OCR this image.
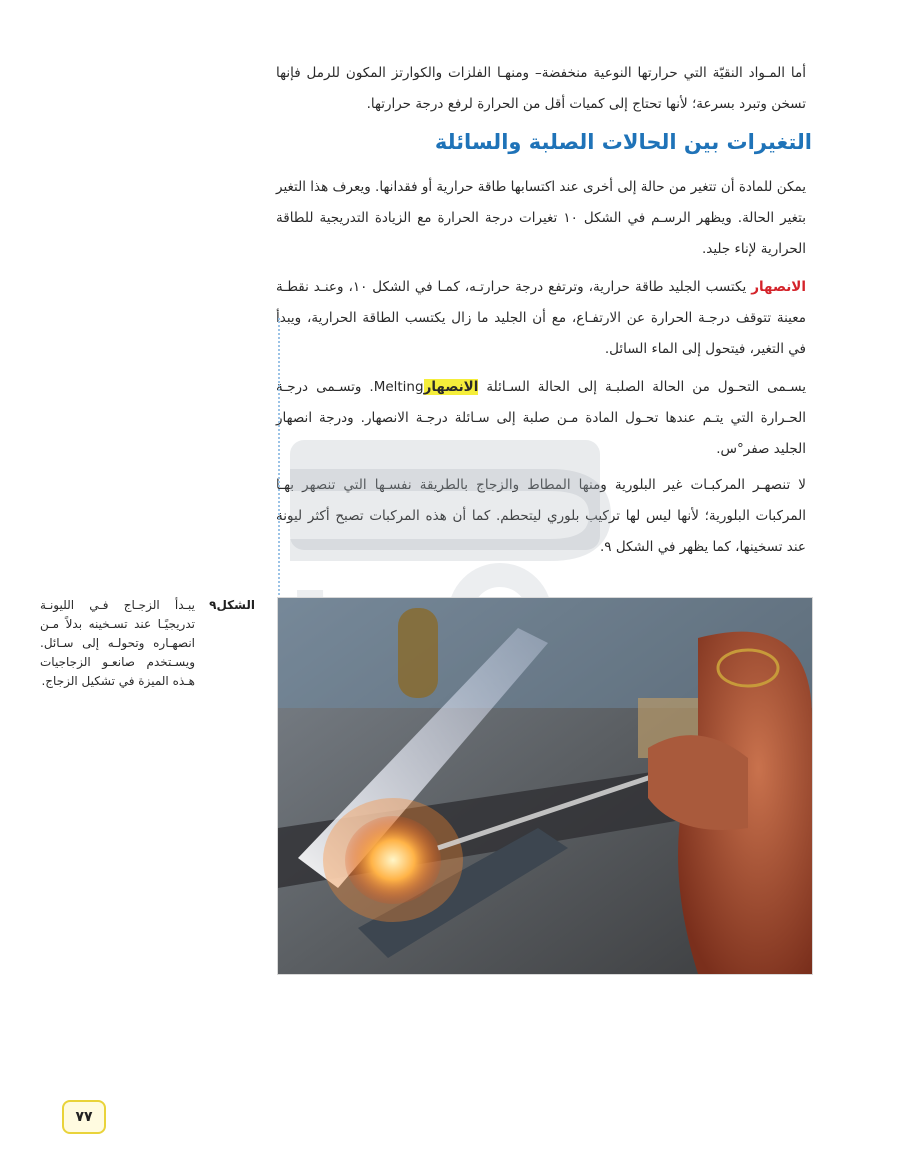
أما المـواد النقيّة التي حرارتها النوعية منخفضة– ومنهـا الفلزات والكوارتز المكون للرمل فإنها تسخن وتبرد بسرعة؛ لأنها تحتاج إلى كميات أقل من الحرارة لرفع درجة حرارتها.
التغيرات بين الحالات الصلبة والسائلة
يمكن للمادة أن تتغير من حالة إلى أخرى عند اكتسابها طاقة حرارية أو فقدانها. ويعرف هذا التغير بتغير الحالة. ويظهر الرسـم في الشكل ١٠ تغيرات درجة الحرارة مع الزيادة التدريجية للطاقة الحرارية لإناء جليد.
الانصهار يكتسب الجليد طاقة حرارية، وترتفع درجة حرارتـه، كمـا في الشكل ١٠، وعنـد نقطـة معينة تتوقف درجـة الحرارة عن الارتفـاع، مع أن الجليد ما زال يكتسب الطاقة الحرارية، ويبدأ في التغير، فيتحول إلى الماء السائل.
يسـمى التحـول من الحالة الصلبـة إلى الحالة السـائلة الانصهارMelting. وتسـمى درجـة الحـرارة التي يتـم عندها تحـول المادة مـن صلبة إلى سـائلة درجـة الانصهار. ودرجة انصهار الجليد صفر°س.
لا تنصهـر المركبـات غير البلورية ومنها المطاط والزجاج بالطريقة نفسـها التي تنصهر بهـا المركبات البلورية؛ لأنها ليس لها تركيب بلوري ليتحطم. كما أن هذه المركبات تصبح أكثر ليونة عند تسخينها، كما يظهر في الشكل ٩.
الشكل٩
يبـدأ الزجـاج فـي الليونـة تدريجيًـا عند تسـخينه بدلاً مـن انصهـاره وتحولـه إلى سـائل. ويسـتخدم صانعـو الزجاجيات هـذه الميزة في تشكيل الزجاج.
٧٧
